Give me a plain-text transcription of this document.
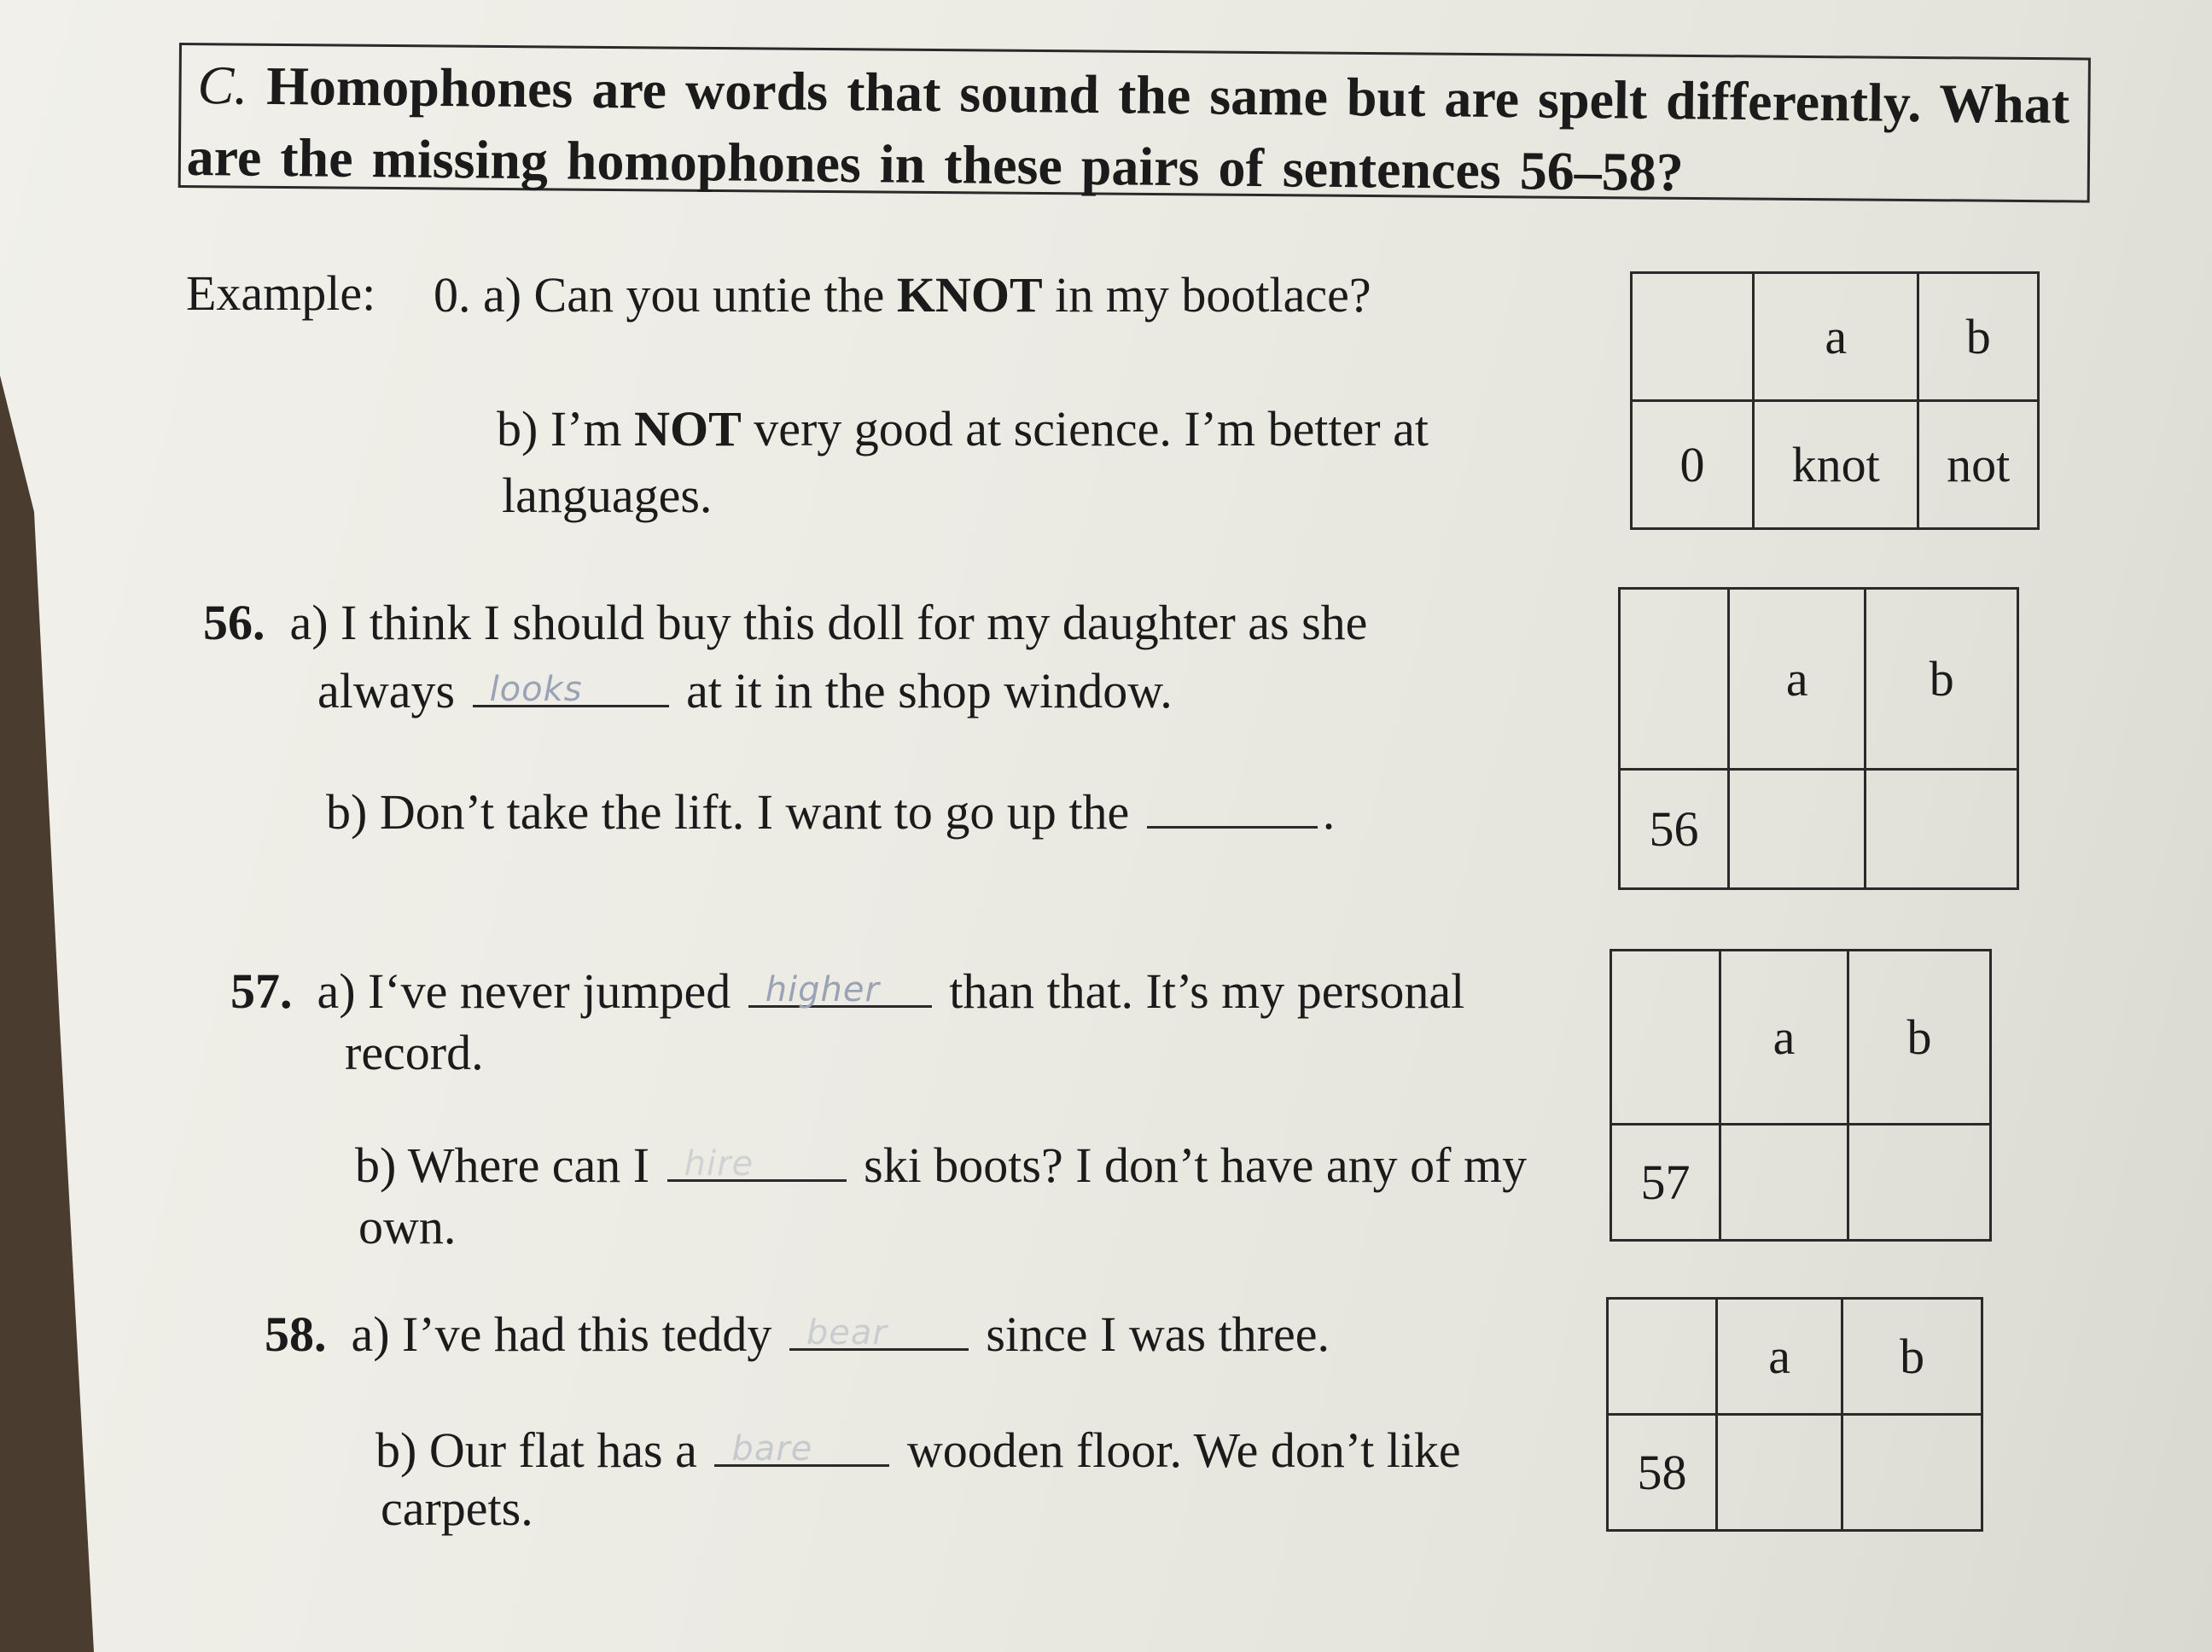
C. Homophones are words that sound the same but are spelt differently. What
are the missing homophones in these pairs of sentences 56–58?
Example: 0. a) Can you untie the KNOT in my bootlace?
b) I’m NOT very good at science. I’m better at
languages.
	a	b
0	knot	not
56. a) I think I should buy this doll for my daughter as she
always looks at it in the shop window.
b) Don’t take the lift. I want to go up the	.
	a	b
56		
57. a) I‘ve never jumped higher than that. It’s my personal
record.
b) Where can I hire ski boots? I don’t have any of my
own.
	a	b
57		
58. a) I’ve had this teddy bear since I was three.
b) Our flat has a bare wooden floor. We don’t like
carpets.
	a	b
58		
